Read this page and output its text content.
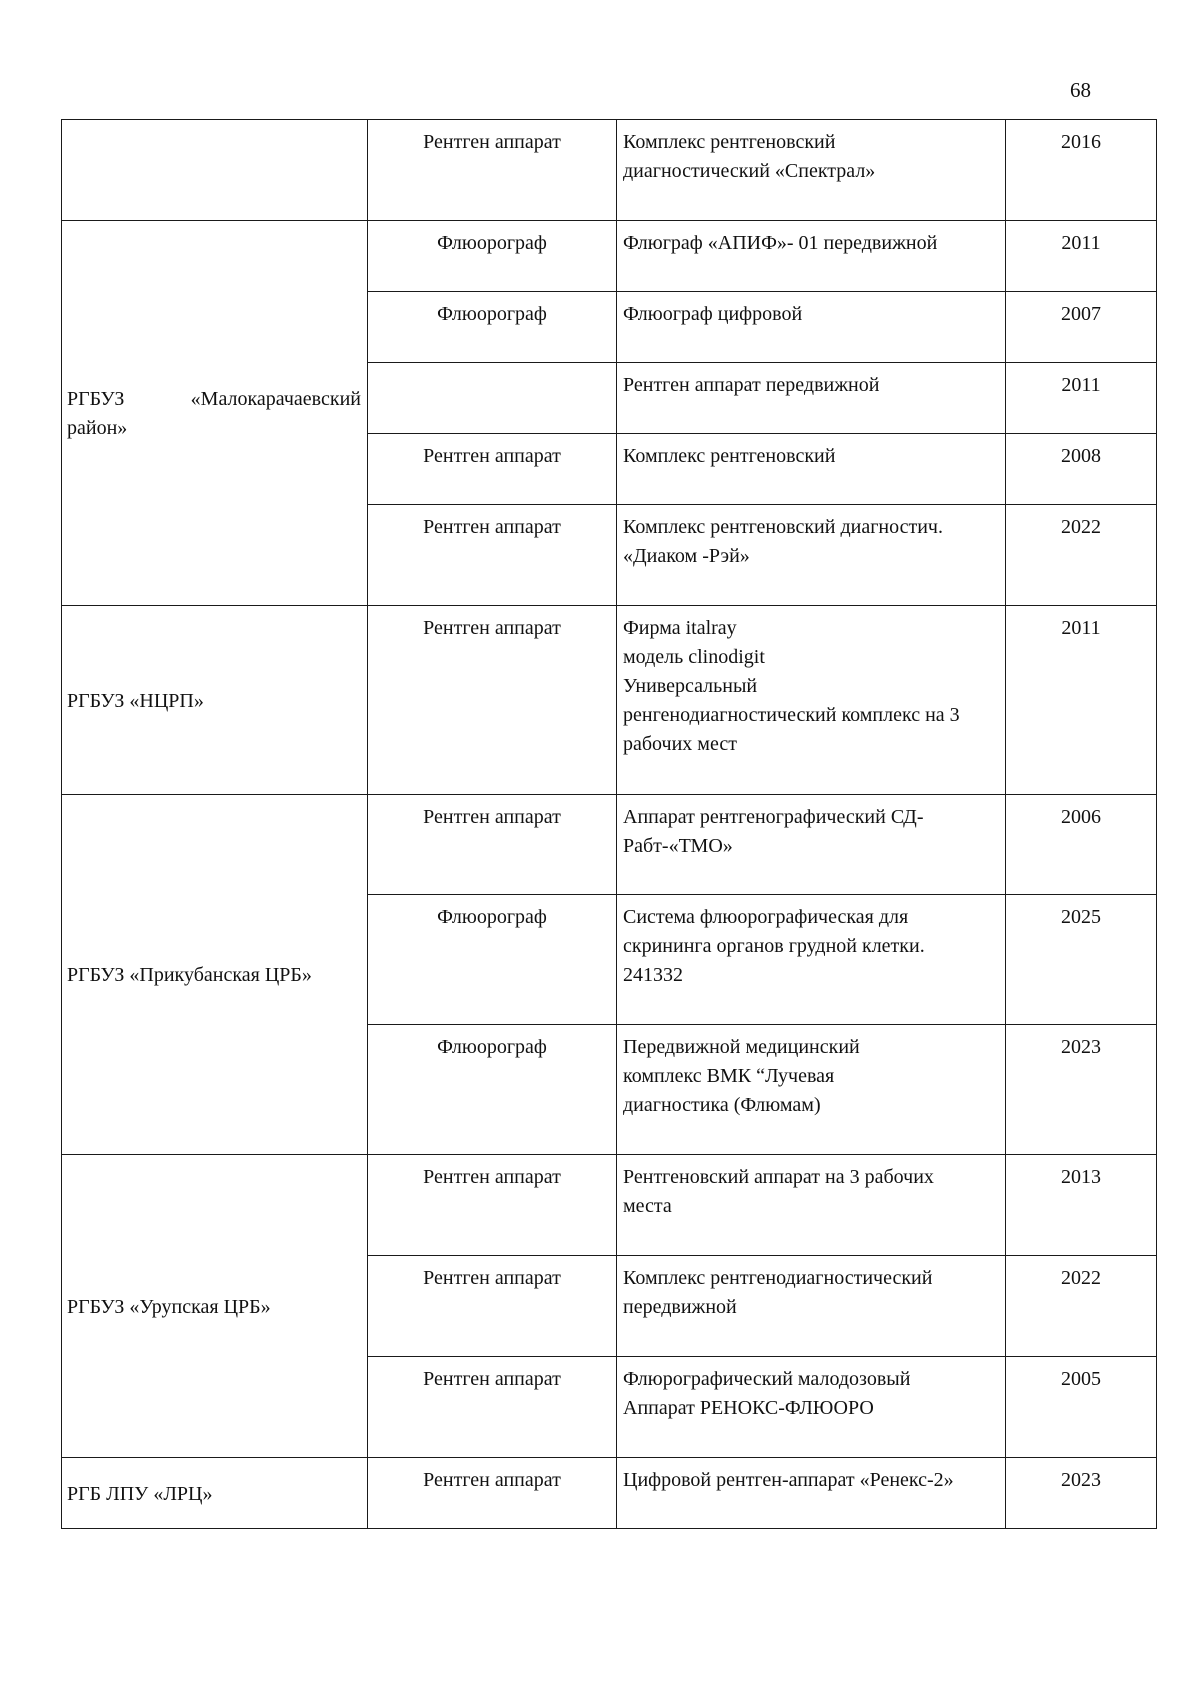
68
	Рентген аппарат	Комплекс рентгеновский
диагностический «Спектрал»	2016
РГБУЗ «Малокарачаевский район»	Флюорограф	Флюграф «АПИФ»- 01 передвижной	2011
	Флюорограф	Флюограф цифровой	2007
		Рентген аппарат передвижной	2011
	Рентген аппарат	Комплекс рентгеновский	2008
	Рентген аппарат	Комплекс рентгеновский диагностич.
«Диаком -Рэй»	2022
РГБУЗ «НЦРП»	Рентген аппарат	Фирма italray
модель clinodigit
Универсальный
ренгенодиагностический комплекс на 3
рабочих мест	2011
РГБУЗ «Прикубанская ЦРБ»	Рентген аппарат	Аппарат рентгенографический СД-
Рабт-«ТМО»	2006
	Флюорограф	Система флюорографическая для
скрининга органов грудной клетки.
241332	2025
	Флюорограф	Передвижной медицинский
комплекс ВМК “Лучевая
диагностика (Флюмам)	2023
РГБУЗ «Урупская ЦРБ»	Рентген аппарат	Рентгеновский аппарат на 3 рабочих
места	2013
	Рентген аппарат	Комплекс рентгенодиагностический
передвижной	2022
	Рентген аппарат	Флюрографический малодозовый
Аппарат РЕНОКС-ФЛЮОРО	2005
РГБ ЛПУ «ЛРЦ»	Рентген аппарат	Цифровой рентген-аппарат «Ренекс-2»	2023
